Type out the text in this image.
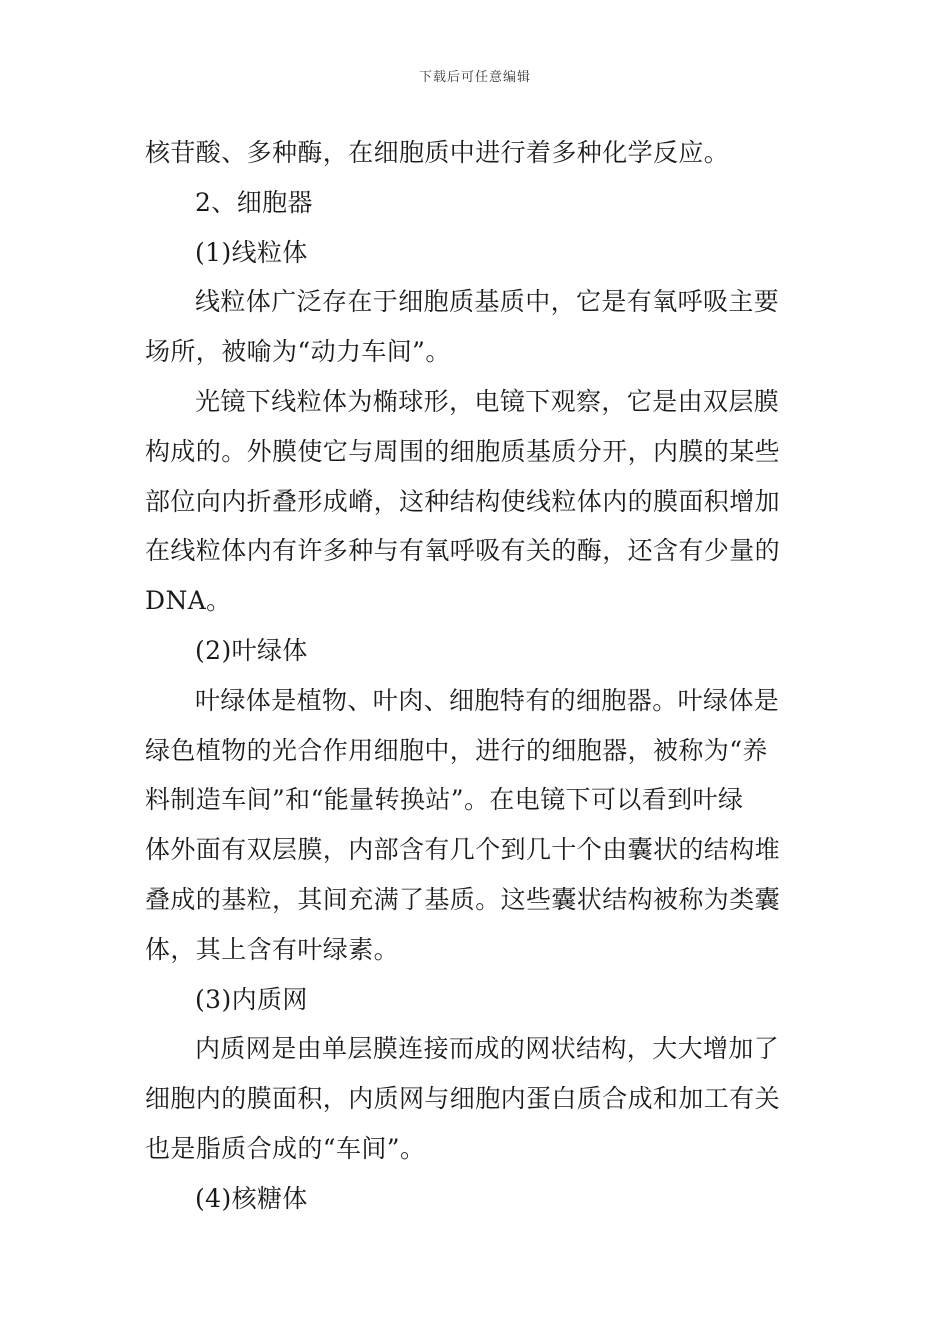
下载后可任意编辑
核苷酸、多种酶，在细胞质中进行着多种化学反应。
2、细胞器
(1)线粒体
线粒体广泛存在于细胞质基质中，它是有氧呼吸主要
场所，被喻为“动力车间”。
光镜下线粒体为椭球形，电镜下观察，它是由双层膜
构成的。外膜使它与周围的细胞质基质分开，内膜的某些
部位向内折叠形成嵴，这种结构使线粒体内的膜面积增加
在线粒体内有许多种与有氧呼吸有关的酶，还含有少量的
DNA。
(2)叶绿体
叶绿体是植物、叶肉、细胞特有的细胞器。叶绿体是
绿色植物的光合作用细胞中，进行的细胞器，被称为“养
料制造车间”和“能量转换站”。在电镜下可以看到叶绿
体外面有双层膜，内部含有几个到几十个由囊状的结构堆
叠成的基粒，其间充满了基质。这些囊状结构被称为类囊
体，其上含有叶绿素。
(3)内质网
内质网是由单层膜连接而成的网状结构，大大增加了
细胞内的膜面积，内质网与细胞内蛋白质合成和加工有关
也是脂质合成的“车间”。
(4)核糖体
